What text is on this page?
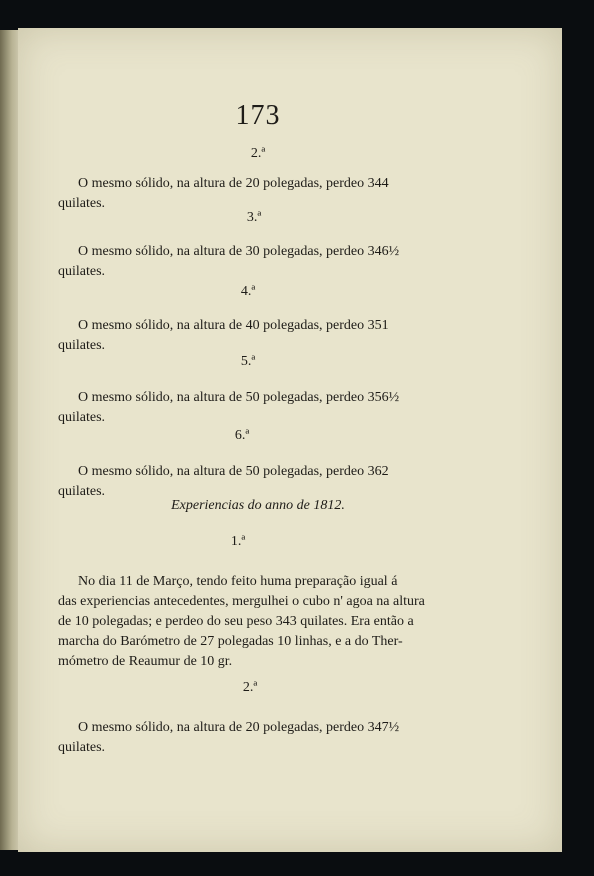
173
2.ª
O mesmo sólido, na altura de 20 polegadas, perdeo 344
quilates.
3.ª
O mesmo sólido, na altura de 30 polegadas, perdeo 346½
quilates.
4.ª
O mesmo sólido, na altura de 40 polegadas, perdeo 351
quilates.
5.ª
O mesmo sólido, na altura de 50 polegadas, perdeo 356½
quilates.
6.ª
O mesmo sólido, na altura de 50 polegadas, perdeo 362
quilates.
Experiencias do anno de 1812.
1.ª
No dia 11 de Março, tendo feito huma preparação igual á
das experiencias antecedentes, mergulhei o cubo n' agoa na altura
de 10 polegadas; e perdeo do seu peso 343 quilates. Era então a
marcha do Barómetro de 27 polegadas 10 linhas, e a do Ther-
mómetro de Reaumur de 10 gr.
2.ª
O mesmo sólido, na altura de 20 polegadas, perdeo 347½
quilates.
